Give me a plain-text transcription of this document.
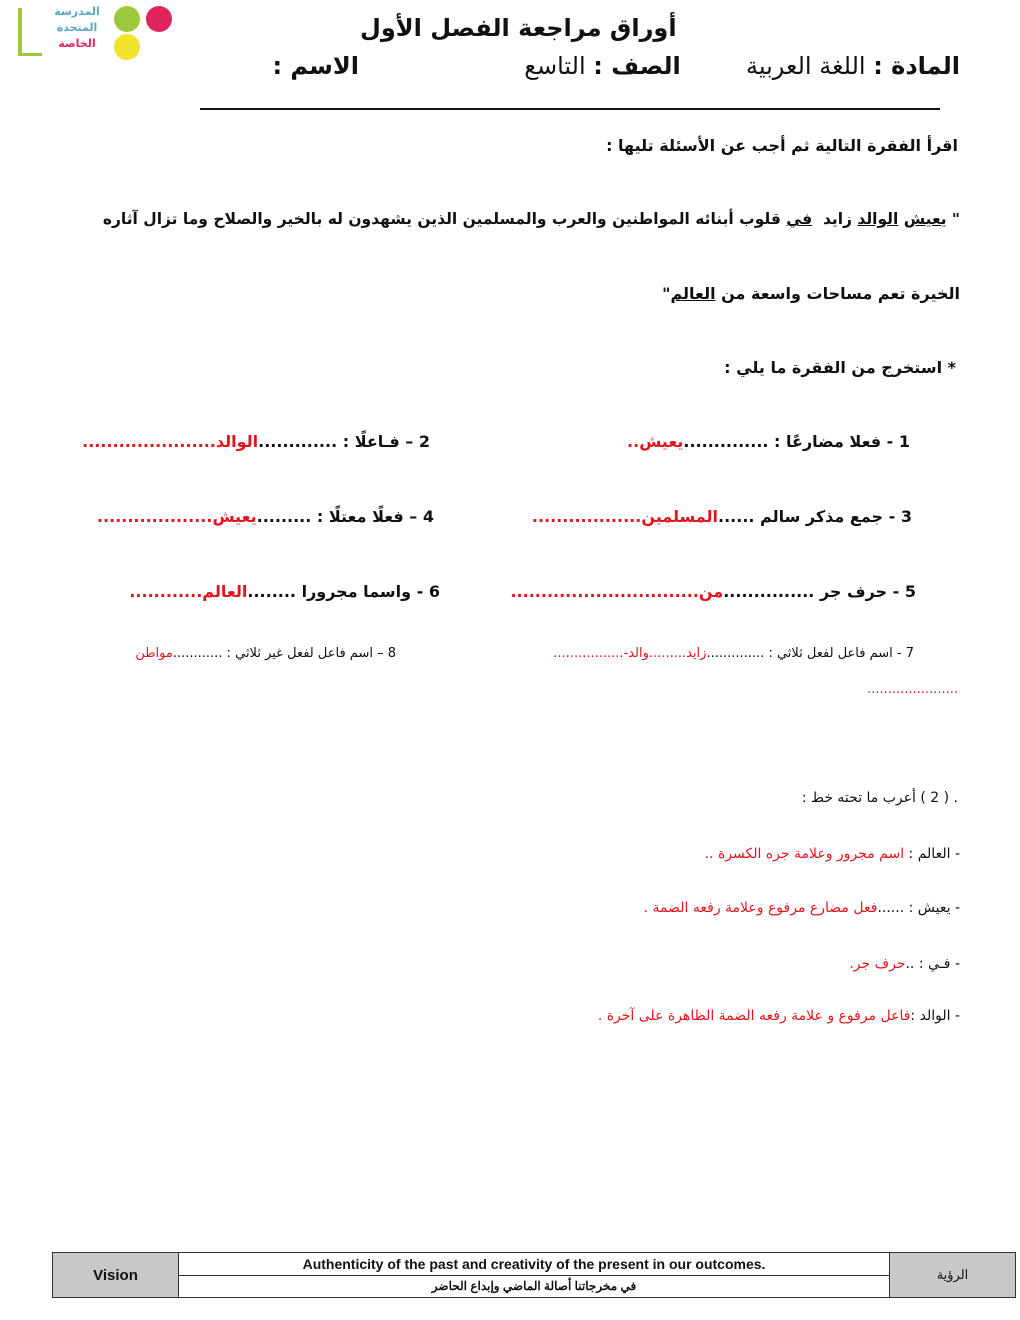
المدرسة
المتحدة
الخاصة
أوراق مراجعة الفصل الأول
المادة : اللغة العربية  الصف : التاسع  الاسم :
اقرأ الفقرة التالية ثم أجب عن الأسئلة تليها :
" يعيش الوالد زايد  في قلوب أبنائه المواطنين والعرب والمسلمين الذين يشهدون له بالخير والصلاح وما تزال آثاره
الخيرة تعم مساحات واسعة من العالم"
* استخرج من الفقرة ما يلي :
1 - فعلا مضارعًا : ..............يعيش..
2 – فـاعلًا : .............الوالد......................
3 - جمع مذكر سالم ......المسلمين..................
4 – فعلًا معتلًا : .........يعيش...................
5 - حرف جر ...............من...............................
6 - واسما مجرورا ........العالم............
7 - اسم فاعل لفعل ثلاثي : ..............زايد.........والد-.................
8 – اسم فاعل لفعل غير ثلاثي : ............مواطن
......................
. ( 2 ) أعرب ما تحته خط :
- العالم : اسم مجرور وعلامة جره الكسرة ..
- يعيش : ......فعل مضارع مرفوع وعلامة رفعه الضمة .
- فـي : ..حرف جر.
- الوالد :فاعل مرفوع و علامة رفعه الضمة الظاهرة على آخرة .
Vision
Authenticity of the past and creativity of the present in our outcomes.
في مخرجاتنا أصالة الماضي وإبداع الحاضر
الرؤية
